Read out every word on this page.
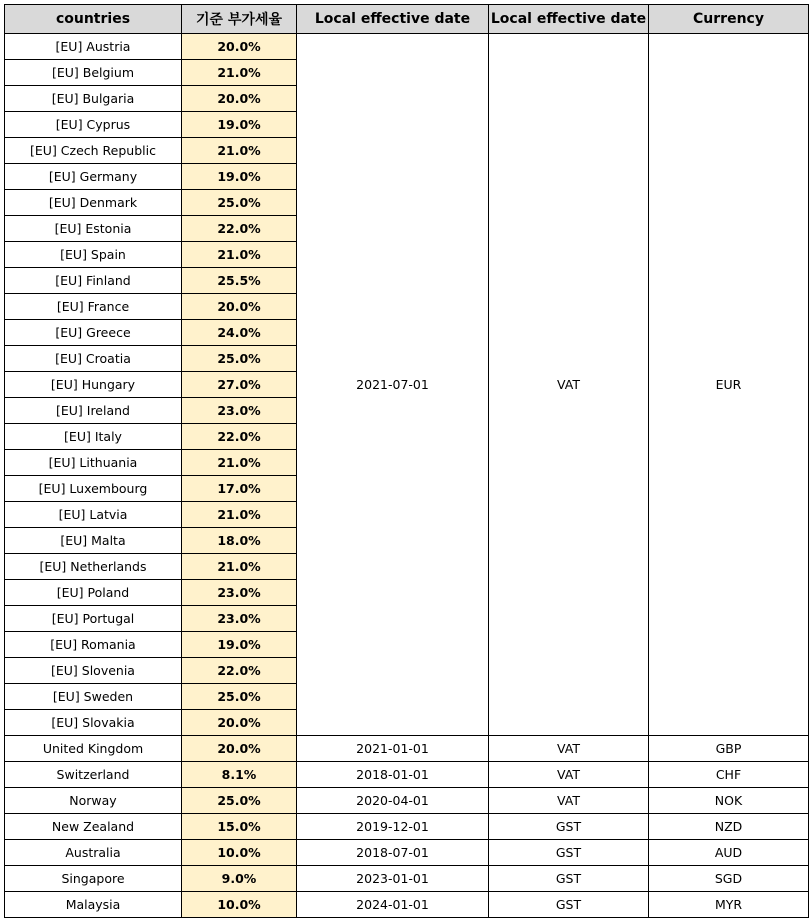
countries	기준 부가세율	Local effective date	Local effective date	Currency
[EU] Austria	20.0%	2021-07-01	VAT	EUR
[EU] Belgium	21.0%			
[EU] Bulgaria	20.0%			
[EU] Cyprus	19.0%			
[EU] Czech Republic	21.0%			
[EU] Germany	19.0%			
[EU] Denmark	25.0%			
[EU] Estonia	22.0%			
[EU] Spain	21.0%			
[EU] Finland	25.5%			
[EU] France	20.0%			
[EU] Greece	24.0%			
[EU] Croatia	25.0%			
[EU] Hungary	27.0%			
[EU] Ireland	23.0%			
[EU] Italy	22.0%			
[EU] Lithuania	21.0%			
[EU] Luxembourg	17.0%			
[EU] Latvia	21.0%			
[EU] Malta	18.0%			
[EU] Netherlands	21.0%			
[EU] Poland	23.0%			
[EU] Portugal	23.0%			
[EU] Romania	19.0%			
[EU] Slovenia	22.0%			
[EU] Sweden	25.0%			
[EU] Slovakia	20.0%			
United Kingdom	20.0%	2021-01-01	VAT	GBP
Switzerland	8.1%	2018-01-01	VAT	CHF
Norway	25.0%	2020-04-01	VAT	NOK
New Zealand	15.0%	2019-12-01	GST	NZD
Australia	10.0%	2018-07-01	GST	AUD
Singapore	9.0%	2023-01-01	GST	SGD
Malaysia	10.0%	2024-01-01	GST	MYR
